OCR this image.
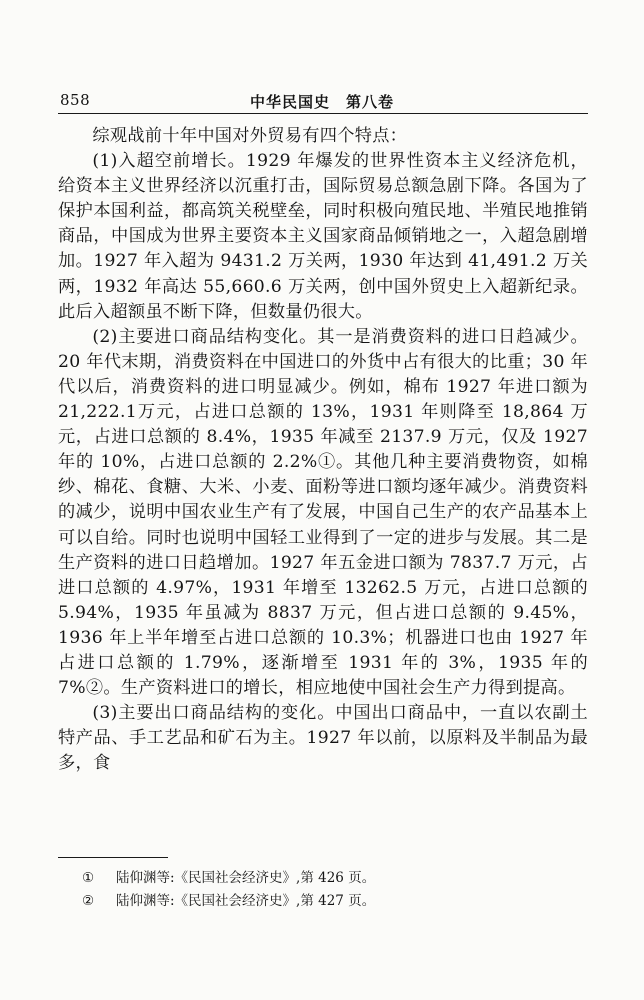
858	中华民国史　第八卷

综观战前十年中国对外贸易有四个特点：

(1)入超空前增长。1929 年爆发的世界性资本主义经济危机，给资本主义世界经济以沉重打击，国际贸易总额急剧下降。各国为了保护本国利益，都高筑关税壁垒，同时积极向殖民地、半殖民地推销商品，中国成为世界主要资本主义国家商品倾销地之一，入超急剧增加。1927 年入超为 9431.2 万关两，1930 年达到 41,491.2 万关两，1932 年高达 55,660.6 万关两，创中国外贸史上入超新纪录。此后入超额虽不断下降，但数量仍很大。

(2)主要进口商品结构变化。其一是消费资料的进口日趋减少。20 年代末期，消费资料在中国进口的外货中占有很大的比重；30 年代以后，消费资料的进口明显减少。例如，棉布 1927 年进口额为 21,222.1万元，占进口总额的 13%，1931 年则降至 18,864 万元，占进口总额的 8.4%，1935 年减至 2137.9 万元，仅及 1927 年的 10%，占进口总额的 2.2%①。其他几种主要消费物资，如棉纱、棉花、食糖、大米、小麦、面粉等进口额均逐年减少。消费资料的减少，说明中国农业生产有了发展，中国自己生产的农产品基本上可以自给。同时也说明中国轻工业得到了一定的进步与发展。其二是生产资料的进口日趋增加。1927 年五金进口额为 7837.7 万元，占进口总额的 4.97%，1931 年增至 13262.5 万元，占进口总额的 5.94%，1935 年虽减为 8837 万元，但占进口总额的 9.45%，1936 年上半年增至占进口总额的 10.3%；机器进口也由 1927 年占进口总额的 1.79%，逐渐增至 1931 年的 3%，1935 年的 7%②。生产资料进口的增长，相应地使中国社会生产力得到提高。

(3)主要出口商品结构的变化。中国出口商品中，一直以农副土特产品、手工艺品和矿石为主。1927 年以前，以原料及半制品为最多，食

①	陆仰渊等:《民国社会经济史》,第 426 页。
②	陆仰渊等:《民国社会经济史》,第 427 页。
